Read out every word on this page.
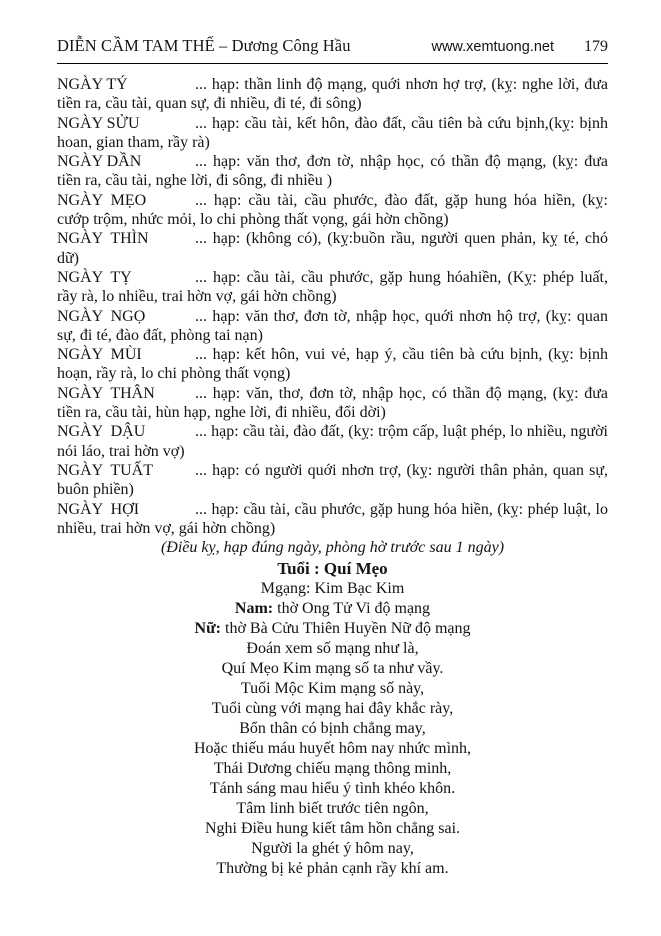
DIỄN CẦM TAM THẾ – Dương Công Hầu	www.xemtuong.net 179

NGÀY TÝ	... hạp: thần linh độ mạng, quới nhơn hợ trợ, (kỵ: nghe lời, đưa tiền ra, cầu tài, quan sự, đi nhiều, đi té, đi sông)

NGÀY SỬU	... hạp: cầu tài, kết hôn, đào đất, cầu tiên bà cứu bịnh,(kỵ: bịnh hoan, gian tham, rầy rà)

NGÀY DẦN	... hạp: văn thơ, đơn tờ, nhập học, có thần độ mạng, (kỵ: đưa tiền ra, cầu tài, nghe lời, đi sông, đi nhiều )

NGÀY  MẸO	... hạp: cầu tài, cầu phước, đào đất, gặp hung hóa hiền, (kỵ: cướp trộm, nhức mỏi, lo chi phòng thất vọng, gái hờn chồng)

NGÀY  THÌN	... hạp: (không có), (kỵ:buồn rầu, người quen phản, kỵ té, chó dữ)

NGÀY  TỴ	... hạp: cầu tài, cầu phước, gặp hung hóahiền, (Kỵ: phép luất, rầy rà, lo nhiều, trai hờn vợ, gái hờn chồng)

NGÀY  NGỌ	... hạp: văn thơ, đơn tờ, nhập học, quới nhơn hộ trợ, (kỵ: quan sự, đi té, đào đất, phòng tai nạn)

NGÀY  MÙI	... hạp: kết hôn, vui vẻ, hạp ý, cầu tiên bà cứu bịnh, (kỵ: bịnh hoạn, rầy rà, lo chi phòng thất vọng)

NGÀY  THÂN	... hạp: văn, thơ, đơn tờ, nhập học, có thần độ mạng, (kỵ: đưa tiền ra, cầu tài, hùn hạp, nghe lời, đi nhiều, đổi dời)

NGÀY  DẬU	... hạp: cầu tài, đào đất, (kỵ: trộm cấp, luật phép, lo nhiều, người nói láo, trai hờn vợ)

NGÀY  TUẤT	... hạp: có người quới nhơn trợ, (kỵ: người thân phản, quan sự, buôn phiền)

NGÀY  HỢI	... hạp: cầu tài, cầu phước, gặp hung hóa hiền, (kỵ: phép luật, lo nhiều, trai hờn vợ, gái hờn chồng)

(Điều kỵ, hạp đúng ngày, phòng hờ trước sau 1 ngày)

Tuổi : Quí Mẹo

Mgạng: Kim Bạc Kim

Nam: thờ Ong Tử Vi độ mạng

Nữ: thờ Bà Cửu Thiên Huyền Nữ độ mạng

Đoán xem số mạng như là,

Quí Mẹo Kim mạng số ta như vầy.

Tuổi Mộc Kim mạng số này,

Tuổi cùng với mạng hai đây khắc rày,

Bổn thân có bịnh chẳng may,

Hoặc thiếu máu huyết hôm nay nhức mình,

Thái Dương chiếu mạng thông minh,

Tánh sáng mau hiểu ý tình khéo khôn.

Tâm linh biết trước tiên ngôn,

Nghi Điều hung kiết tâm hồn chẳng sai.

Người la ghét ý hôm nay,

Thường bị kẻ phản cạnh rầy khí am.
